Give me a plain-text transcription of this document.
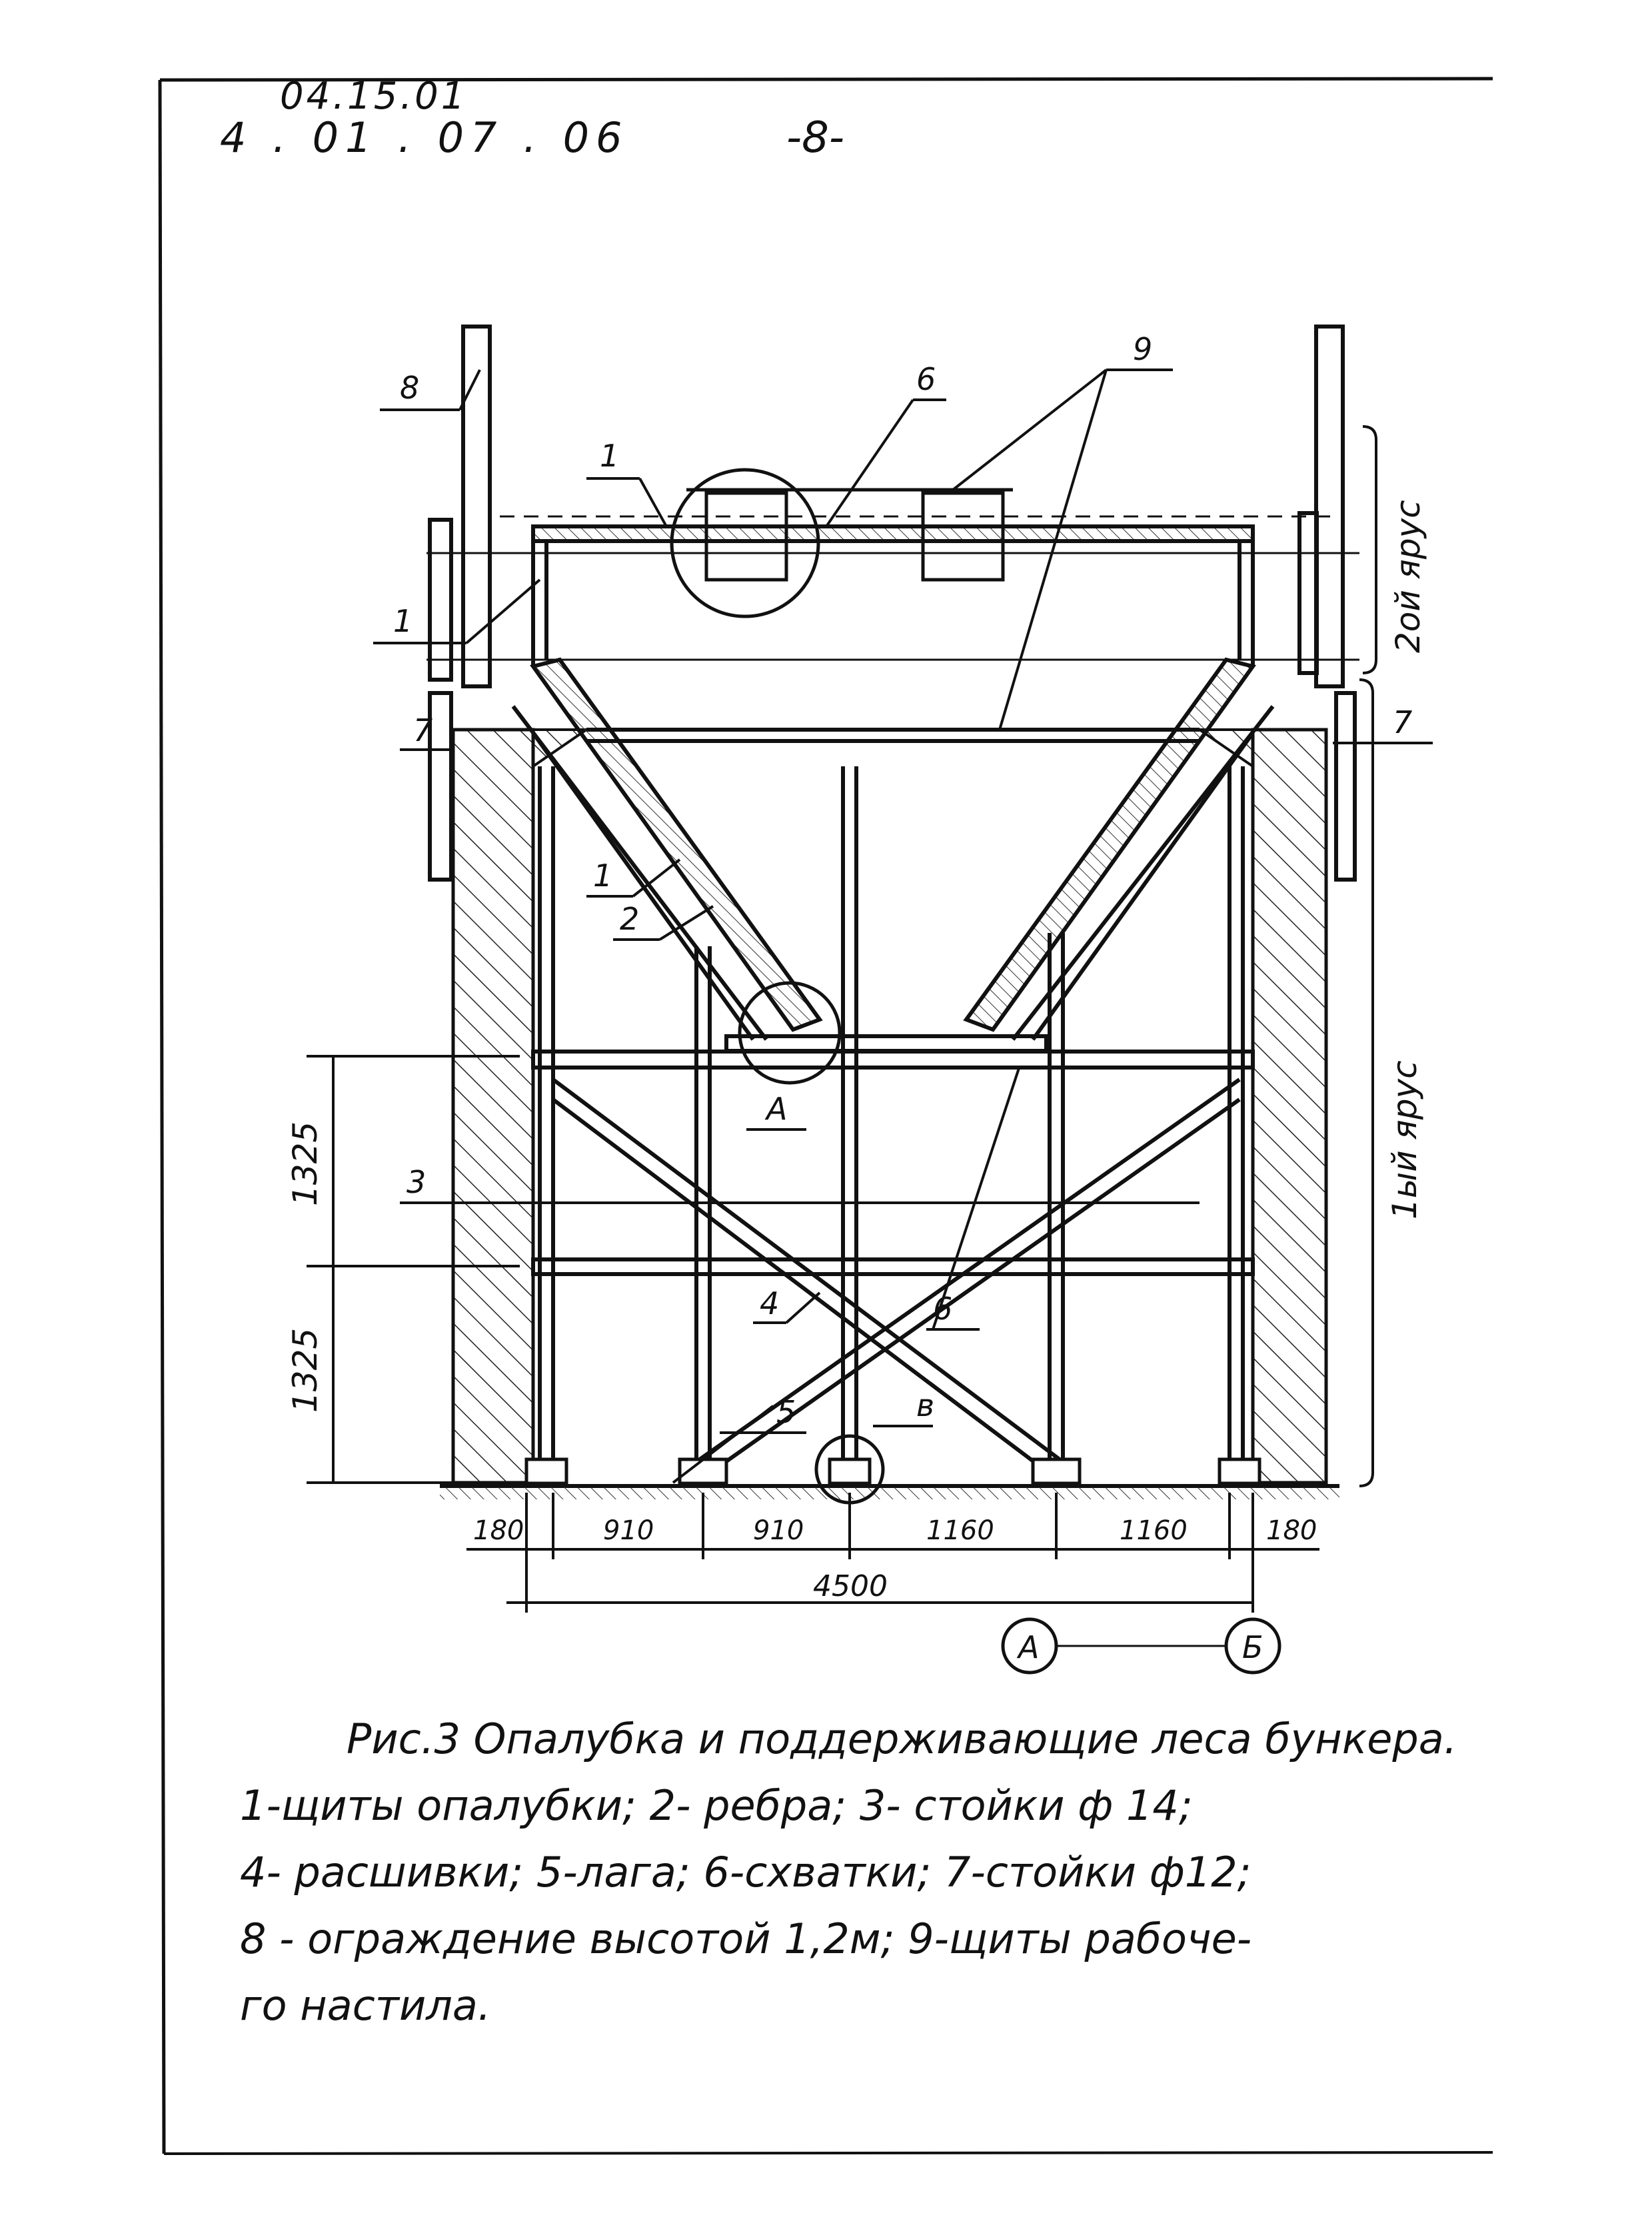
04.15.01
4 . 01 . 07 . 06	-8-
8
1
6
9
1
7	7
1
2
3
4
5
6
А
в
2ой ярус
1ый ярус
1325
1325
180	910	910	1160	1160	180
4500
А	Б
Рис.3 Опалубка и поддерживающие леса бункера.
1-щиты опалубки; 2- ребра; 3- стойки ф 14;
4- расшивки; 5-лага; 6-схватки; 7-стойки ф12;
8 - ограждение высотой 1,2м; 9-щиты рабоче-
го настила.
